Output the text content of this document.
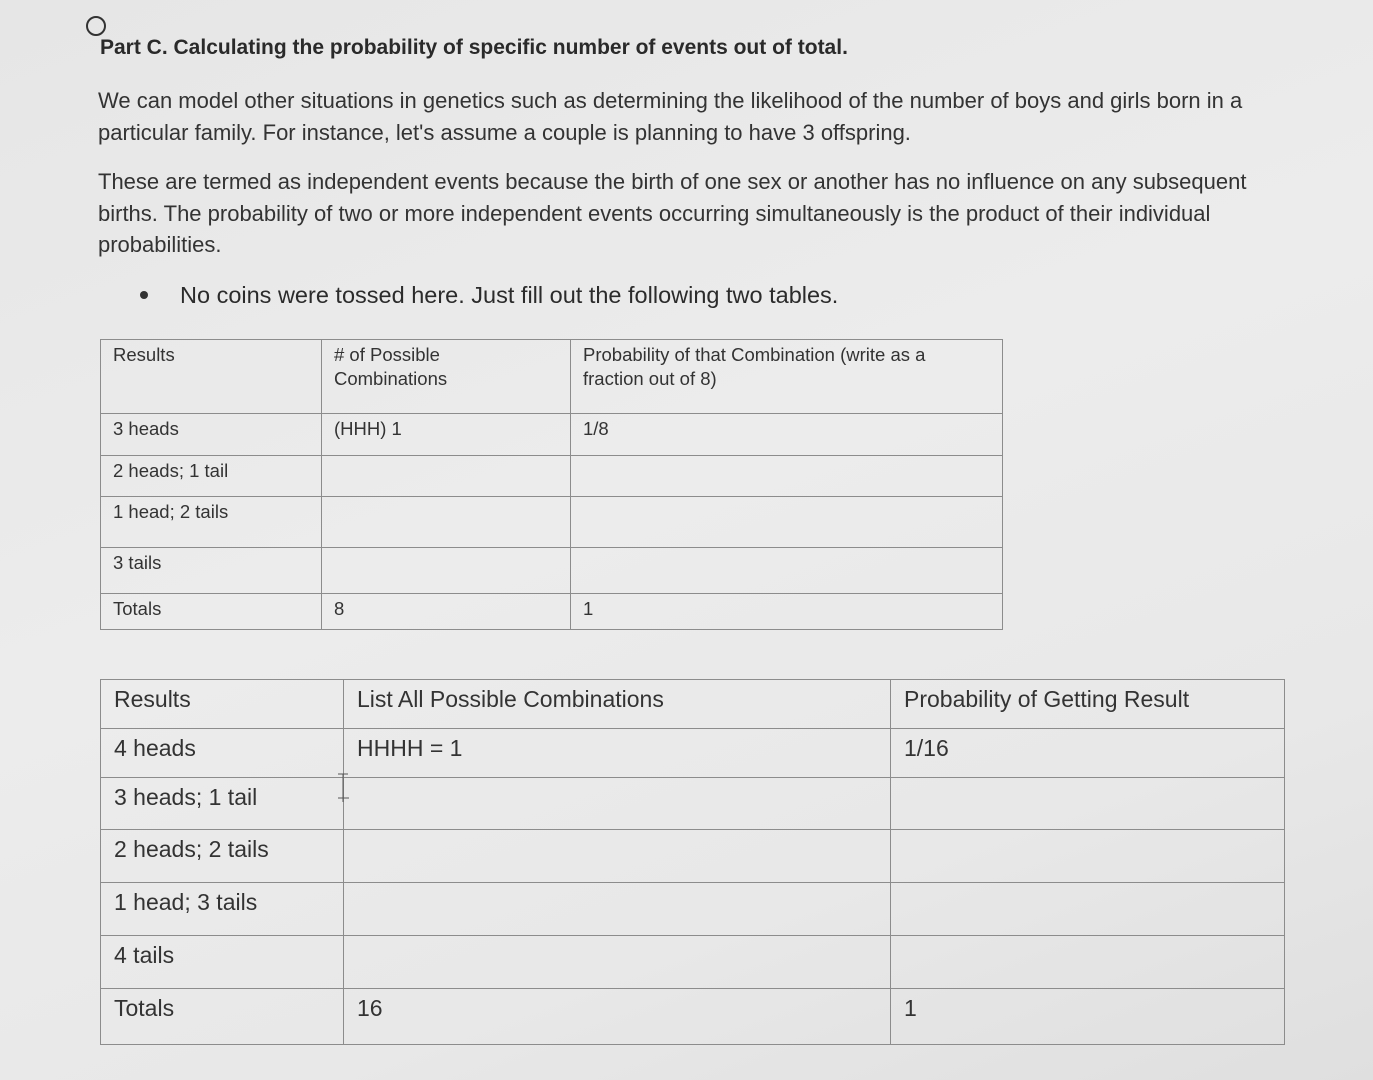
Part C. Calculating the probability of specific number of events out of total.

We can model other situations in genetics such as determining the likelihood of the number of boys and girls born in a particular family. For instance, let's assume a couple is planning to have 3 offspring.

These are termed as independent events because the birth of one sex or another has no influence on any subsequent births. The probability of two or more independent events occurring simultaneously is the product of their individual probabilities.

No coins were tossed here. Just fill out the following two tables.
Results	# of Possible Combinations	Probability of that Combination (write as a fraction out of 8)
3 heads	(HHH) 1	1/8
2 heads; 1 tail		
1 head; 2 tails		
3 tails		
Totals	8	1
Results	List All Possible Combinations	Probability of Getting Result
4 heads	HHHH = 1	1/16
3 heads; 1 tail		
2 heads; 2 tails		
1 head; 3 tails		
4 tails		
Totals	16	1
